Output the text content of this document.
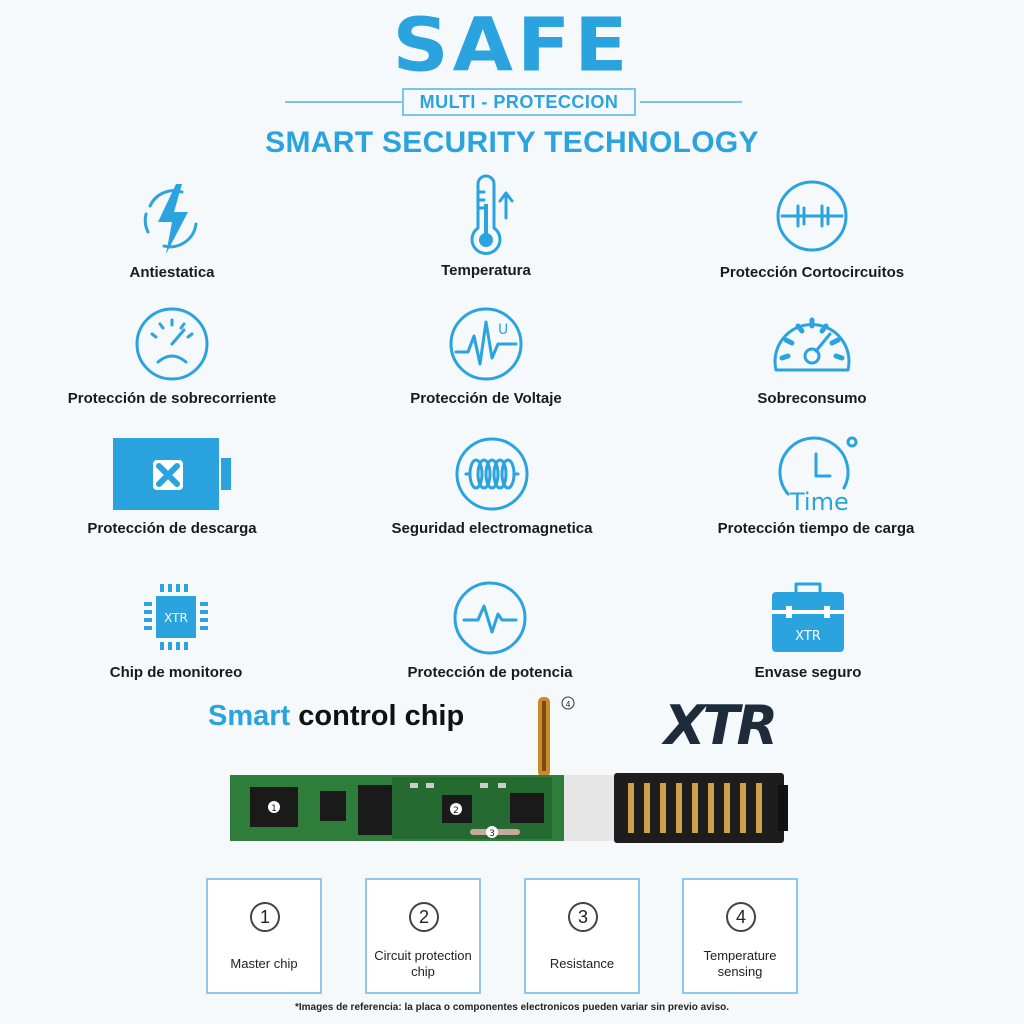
SAFE
MULTI - PROTECCION
SMART SECURITY TECHNOLOGY
Antiestatica	Temperatura	Protección Cortocircuitos
Protección de sobrecorriente
U
Protección de Voltaje	Sobreconsumo
Protección de descarga	Seguridad electromagnetica
Time
Protección tiempo de carga
XTR
Chip de monitoreo	Protección de potencia
XTR
Envase seguro
Smart control chip	XTR
4
1	2
3
1
Master chip
2
Circuit protection chip
3
Resistance
4
Temperature sensing
*Images de referencia: la placa o componentes electronicos pueden variar sin previo aviso.
